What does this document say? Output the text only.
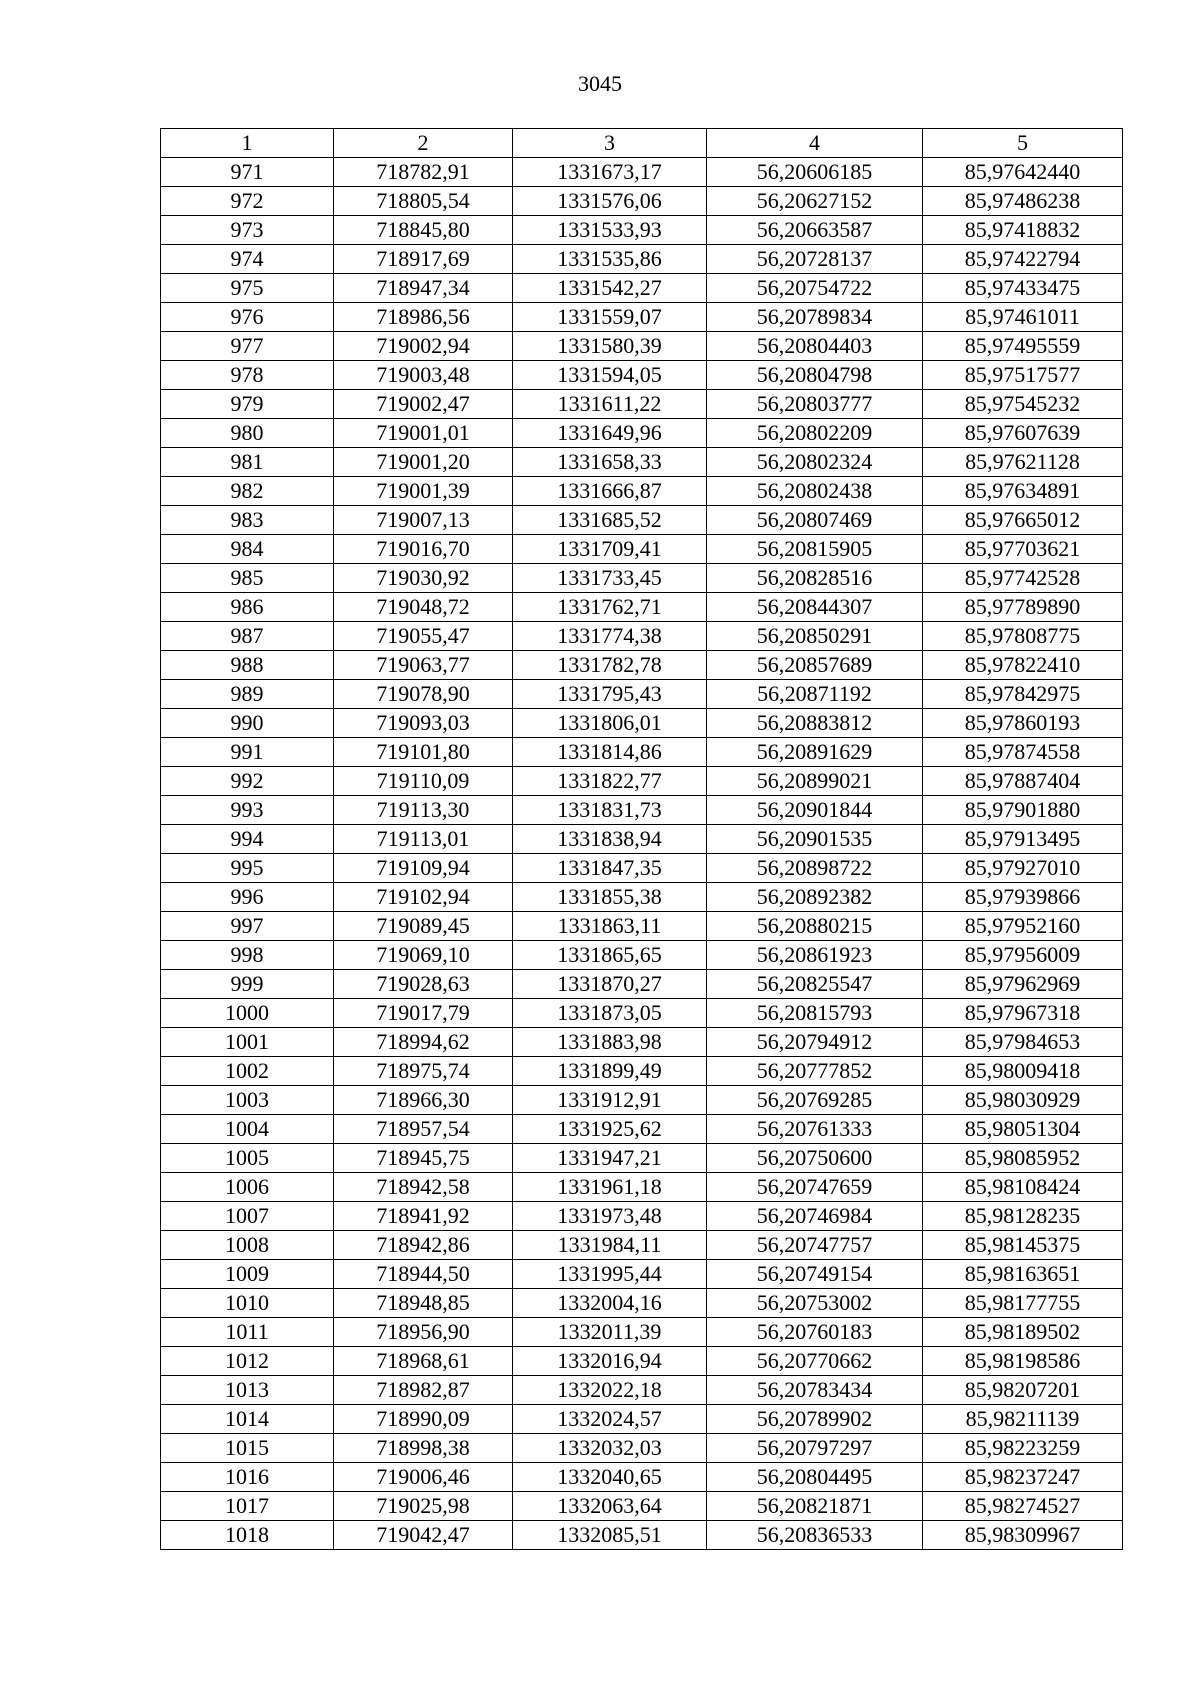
3045
1	2	3	4	5
971	718782,91	1331673,17	56,20606185	85,97642440
972	718805,54	1331576,06	56,20627152	85,97486238
973	718845,80	1331533,93	56,20663587	85,97418832
974	718917,69	1331535,86	56,20728137	85,97422794
975	718947,34	1331542,27	56,20754722	85,97433475
976	718986,56	1331559,07	56,20789834	85,97461011
977	719002,94	1331580,39	56,20804403	85,97495559
978	719003,48	1331594,05	56,20804798	85,97517577
979	719002,47	1331611,22	56,20803777	85,97545232
980	719001,01	1331649,96	56,20802209	85,97607639
981	719001,20	1331658,33	56,20802324	85,97621128
982	719001,39	1331666,87	56,20802438	85,97634891
983	719007,13	1331685,52	56,20807469	85,97665012
984	719016,70	1331709,41	56,20815905	85,97703621
985	719030,92	1331733,45	56,20828516	85,97742528
986	719048,72	1331762,71	56,20844307	85,97789890
987	719055,47	1331774,38	56,20850291	85,97808775
988	719063,77	1331782,78	56,20857689	85,97822410
989	719078,90	1331795,43	56,20871192	85,97842975
990	719093,03	1331806,01	56,20883812	85,97860193
991	719101,80	1331814,86	56,20891629	85,97874558
992	719110,09	1331822,77	56,20899021	85,97887404
993	719113,30	1331831,73	56,20901844	85,97901880
994	719113,01	1331838,94	56,20901535	85,97913495
995	719109,94	1331847,35	56,20898722	85,97927010
996	719102,94	1331855,38	56,20892382	85,97939866
997	719089,45	1331863,11	56,20880215	85,97952160
998	719069,10	1331865,65	56,20861923	85,97956009
999	719028,63	1331870,27	56,20825547	85,97962969
1000	719017,79	1331873,05	56,20815793	85,97967318
1001	718994,62	1331883,98	56,20794912	85,97984653
1002	718975,74	1331899,49	56,20777852	85,98009418
1003	718966,30	1331912,91	56,20769285	85,98030929
1004	718957,54	1331925,62	56,20761333	85,98051304
1005	718945,75	1331947,21	56,20750600	85,98085952
1006	718942,58	1331961,18	56,20747659	85,98108424
1007	718941,92	1331973,48	56,20746984	85,98128235
1008	718942,86	1331984,11	56,20747757	85,98145375
1009	718944,50	1331995,44	56,20749154	85,98163651
1010	718948,85	1332004,16	56,20753002	85,98177755
1011	718956,90	1332011,39	56,20760183	85,98189502
1012	718968,61	1332016,94	56,20770662	85,98198586
1013	718982,87	1332022,18	56,20783434	85,98207201
1014	718990,09	1332024,57	56,20789902	85,98211139
1015	718998,38	1332032,03	56,20797297	85,98223259
1016	719006,46	1332040,65	56,20804495	85,98237247
1017	719025,98	1332063,64	56,20821871	85,98274527
1018	719042,47	1332085,51	56,20836533	85,98309967
